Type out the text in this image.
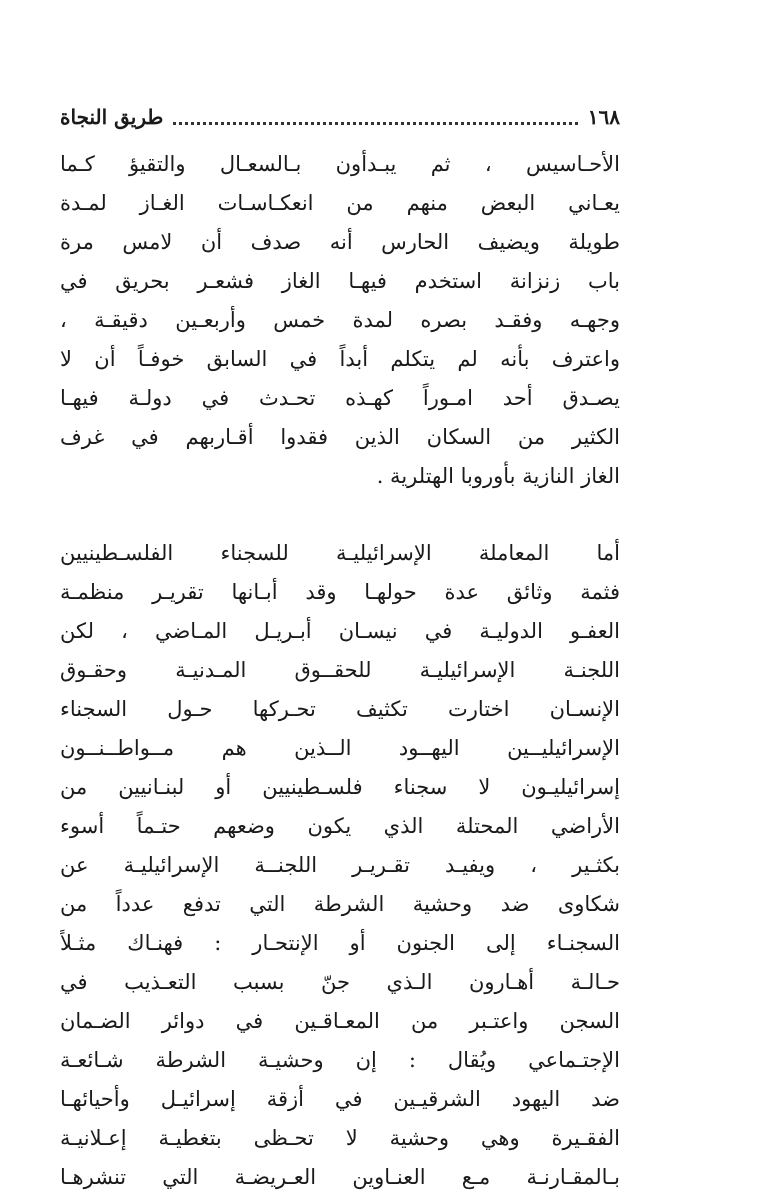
١٦٨
طريق النجاة
الأحـاسيس ، ثم يبـدأون بـالسعـال والتقيؤ كـما
يعـاني البعض منهم من انعكـاسـات الغـاز لمـدة
طويلة ويضيف الحارس أنه صدف أن لامس مرة
باب زنزانة استخدم فيهـا الغاز فشعـر بحريق في
وجهـه وفقـد بصره لمدة خمس وأربعـين دقيقـة ،
واعترف بأنه لم يتكلم أبداً في السابق خوفـاً أن لا
يصـدق أحد امـوراً كهـذه تحـدث في دولـة فيهـا
الكثير من السكان الذين فقدوا أقـاربهم في غرف
الغاز النازية بأوروبا الهتلرية .
أما المعاملة الإسرائيليـة للسجناء الفلسـطينيين
فثمة وثائق عدة حولهـا وقد أبـانها تقريـر منظمـة
العفـو الدوليـة في نيسـان أبـريـل المـاضي ، لكن
اللجنـة الإسرائيليـة للحقــوق المـدنيـة وحقـوق
الإنسـان اختارت تكثيف تحـركها حـول السجناء
الإسرائيليــين اليهــود الــذين هم مــواطــنــون
إسرائيليـون لا سجناء فلسـطينيين أو لبنـانيين من
الأراضي المحتلة الذي يكون وضعهم حتـماً أسوء
بكثـير ، ويفيـد تقـريـر اللجنــة الإسرائيليـة عن
شكاوى ضد وحشية الشرطة التي تدفع عدداً من
السجنـاء إلى الجنون أو الإنتحـار : فهنـاك مثـلاً
حـالـة أهـارون الـذي جنّ بسبب التعـذيب في
السجن واعتـبر من المعـاقـين في دوائر الضـمان
الإجتـماعي ويُقال : إن وحشيـة الشرطة شـائعـة
ضد اليهود الشرقيـين في أزقة إسرائيـل وأحيائهـا
الفقـيرة وهي وحشية لا تحـظى بتغطيـة إعـلانيـة
بـالمقـارنـة مـع العنـاوين العـريضـة التي تنشرهـا
